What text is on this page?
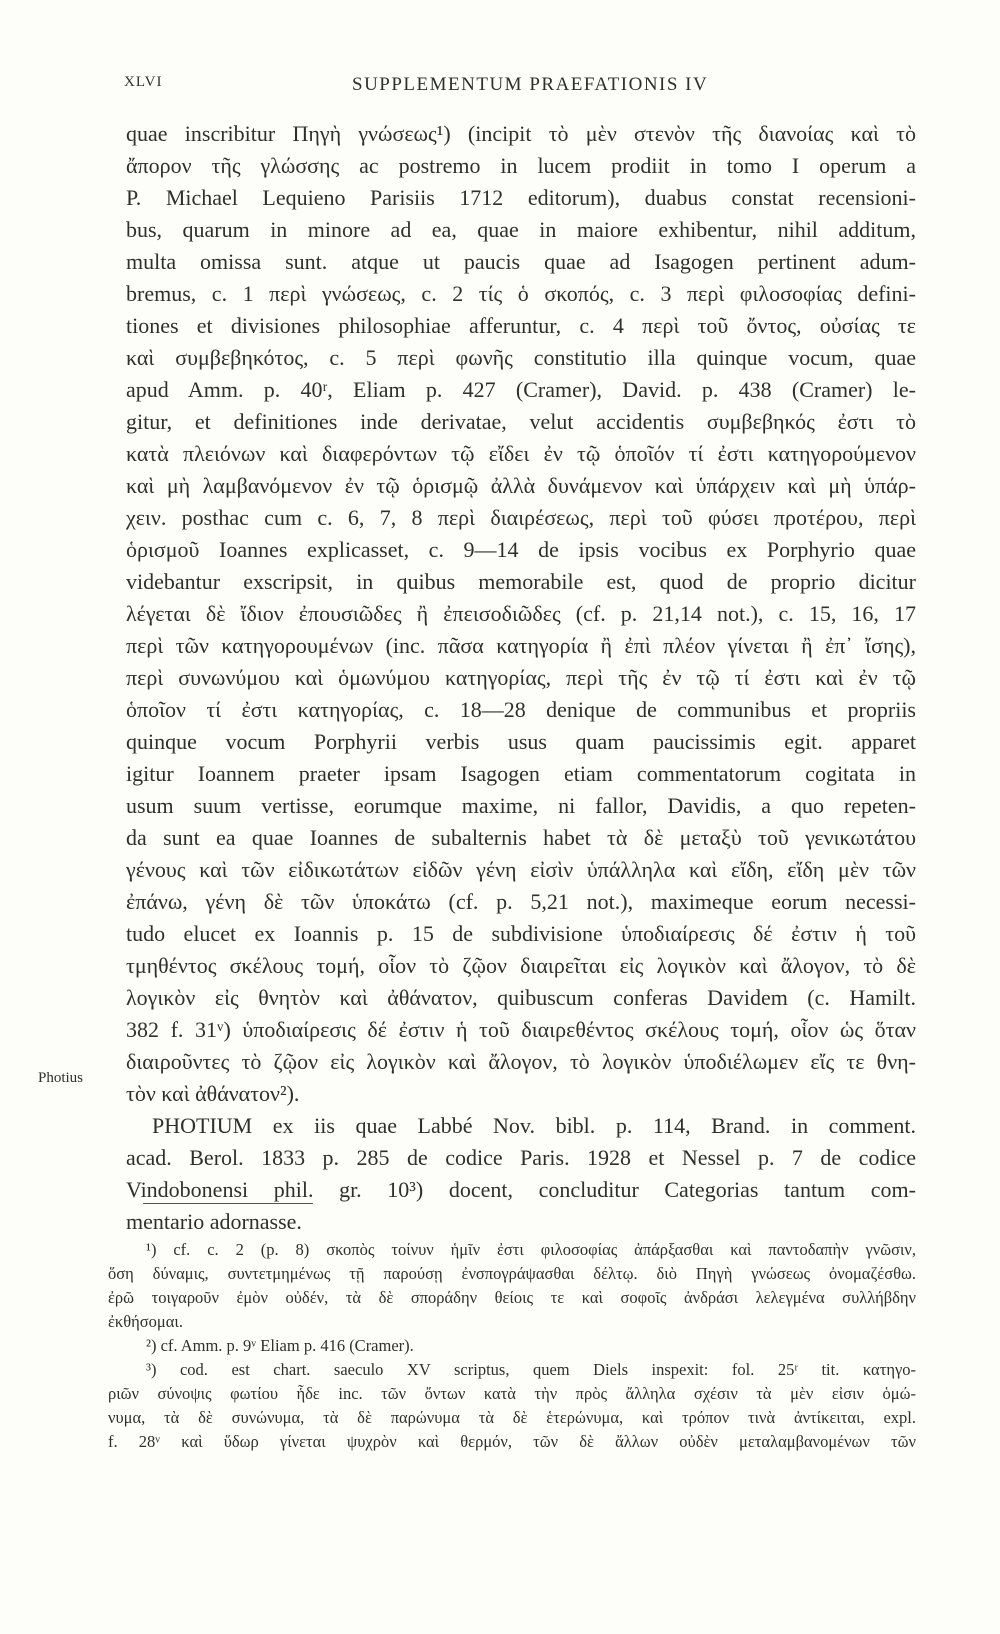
XLVI	SUPPLEMENTUM PRAEFATIONIS IV
Photius
quae inscribitur Πηγὴ γνώσεως¹) (incipit τὸ μὲν στενὸν τῆς διανοίας καὶ τὸ
ἄπορον τῆς γλώσσης ac postremo in lucem prodiit in tomo I operum a
P. Michael Lequieno Parisiis 1712 editorum), duabus constat recensioni-
bus, quarum in minore ad ea, quae in maiore exhibentur, nihil additum,
multa omissa sunt. atque ut paucis quae ad Isagogen pertinent adum-
bremus, c. 1 περὶ γνώσεως, c. 2 τίς ὁ σκοπός, c. 3 περὶ φιλοσοφίας defini-
tiones et divisiones philosophiae afferuntur, c. 4 περὶ τοῦ ὄντος, οὐσίας τε
καὶ συμβεβηκότος, c. 5 περὶ φωνῆς constitutio illa quinque vocum, quae
apud Amm. p. 40ʳ, Eliam p. 427 (Cramer), David. p. 438 (Cramer) le-
gitur, et definitiones inde derivatae, velut accidentis συμβεβηκός ἐστι τὸ
κατὰ πλειόνων καὶ διαφερόντων τῷ εἴδει ἐν τῷ ὁποῖόν τί ἐστι κατηγορούμενον
καὶ μὴ λαμβανόμενον ἐν τῷ ὁρισμῷ ἀλλὰ δυνάμενον καὶ ὑπάρχειν καὶ μὴ ὑπάρ-
χειν. posthac cum c. 6, 7, 8 περὶ διαιρέσεως, περὶ τοῦ φύσει προτέρου, περὶ
ὁρισμοῦ Ioannes explicasset, c. 9—14 de ipsis vocibus ex Porphyrio quae
videbantur exscripsit, in quibus memorabile est, quod de proprio dicitur
λέγεται δὲ ἴδιον ἐπουσιῶδες ἢ ἐπεισοδιῶδες (cf. p. 21,14 not.), c. 15, 16, 17
περὶ τῶν κατηγορουμένων (inc. πᾶσα κατηγορία ἢ ἐπὶ πλέον γίνεται ἢ ἐπ᾽ ἴσης),
περὶ συνωνύμου καὶ ὁμωνύμου κατηγορίας, περὶ τῆς ἐν τῷ τί ἐστι καὶ ἐν τῷ
ὁποῖον τί ἐστι κατηγορίας, c. 18—28 denique de communibus et propriis
quinque vocum Porphyrii verbis usus quam paucissimis egit. apparet
igitur Ioannem praeter ipsam Isagogen etiam commentatorum cogitata in
usum suum vertisse, eorumque maxime, ni fallor, Davidis, a quo repeten-
da sunt ea quae Ioannes de subalternis habet τὰ δὲ μεταξὺ τοῦ γενικωτάτου
γένους καὶ τῶν εἰδικωτάτων εἰδῶν γένη εἰσὶν ὑπάλληλα καὶ εἴδη, εἴδη μὲν τῶν
ἐπάνω, γένη δὲ τῶν ὑποκάτω (cf. p. 5,21 not.), maximeque eorum necessi-
tudo elucet ex Ioannis p. 15 de subdivisione ὑποδιαίρεσις δέ ἐστιν ἡ τοῦ
τμηθέντος σκέλους τομή, οἷον τὸ ζῷον διαιρεῖται εἰς λογικὸν καὶ ἄλογον, τὸ δὲ
λογικὸν εἰς θνητὸν καὶ ἀθάνατον, quibuscum conferas Davidem (c. Hamilt.
382 f. 31ᵛ) ὑποδιαίρεσις δέ ἐστιν ἡ τοῦ διαιρεθέντος σκέλους τομή, οἷον ὡς ὅταν
διαιροῦντες τὸ ζῷον εἰς λογικὸν καὶ ἄλογον, τὸ λογικὸν ὑποδιέλωμεν εἴς τε θνη-
τὸν καὶ ἀθάνατον²).
PHOTIUM ex iis quae Labbé Nov. bibl. p. 114, Brand. in comment.
acad. Berol. 1833 p. 285 de codice Paris. 1928 et Nessel p. 7 de codice
Vindobonensi phil. gr. 10³) docent, concluditur Categorias tantum com-
mentario adornasse.
¹) cf. c. 2 (p. 8) σκοπὸς τοίνυν ἡμῖν ἐστι φιλοσοφίας ἀπάρξασθαι καὶ παντοδαπὴν γνῶσιν,
ὅση δύναμις, συντετμημένως τῇ παρούσῃ ἐνσπογράψασθαι δέλτῳ. διὸ Πηγὴ γνώσεως ὀνομαζέσθω.
ἐρῶ τοιγαροῦν ἐμὸν οὐδέν, τὰ δὲ σποράδην θείοις τε καὶ σοφοῖς ἀνδράσι λελεγμένα συλλήβδην
ἐκθήσομαι.
²) cf. Amm. p. 9ᵛ Eliam p. 416 (Cramer).
³) cod. est chart. saeculo XV scriptus, quem Diels inspexit: fol. 25ʳ tit. κατηγο-
ριῶν σύνοψις φωτίου ἧδε inc. τῶν ὄντων κατὰ τὴν πρὸς ἄλληλα σχέσιν τὰ μὲν εἰσιν ὁμώ-
νυμα, τὰ δὲ συνώνυμα, τὰ δὲ παρώνυμα τὰ δὲ ἑτερώνυμα, καὶ τρόπον τινὰ ἀντίκειται, expl.
f. 28ᵛ καὶ ὕδωρ γίνεται ψυχρὸν καὶ θερμόν, τῶν δὲ ἄλλων οὐδὲν μεταλαμβανομένων τῶν
